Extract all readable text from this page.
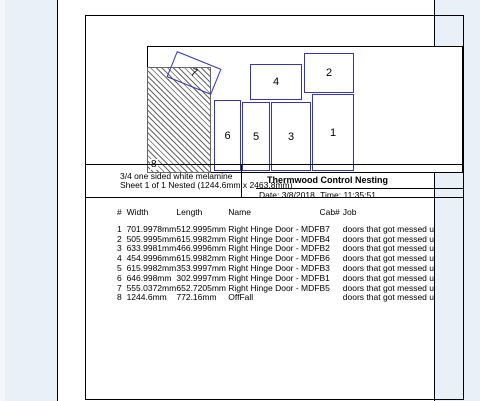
8
7
4
2
6 5	3	1
3/4 one sided white melamine
Sheet 1 of 1 Nested (1244.6mm x 2463.8mm)
Thermwood Control Nesting
Date: 3/8/2018 Time: 11:35:51
#	Width	Length	Name	Cab#	Job

1	701.9978mm	512.9995mm	Right Hinge Door - MDF	B7	doors that got messed u
2	505.9995mm	615.9982mm	Right Hinge Door - MDF	B4	doors that got messed u
3	633.9981mm	466.9996mm	Right Hinge Door - MDF	B2	doors that got messed u
4	454.9996mm	615.9982mm	Right Hinge Door - MDF	B6	doors that got messed u
5	615.9982mm	353.9997mm	Right Hinge Door - MDF	B3	doors that got messed u
6	646.998mm	302.9997mm	Right Hinge Door - MDF	B1	doors that got messed u
7	555.0372mm	652.7205mm	Right Hinge Door - MDF	B5	doors that got messed u
8	1244.6mm	772.16mm	OffFall		doors that got messed u
